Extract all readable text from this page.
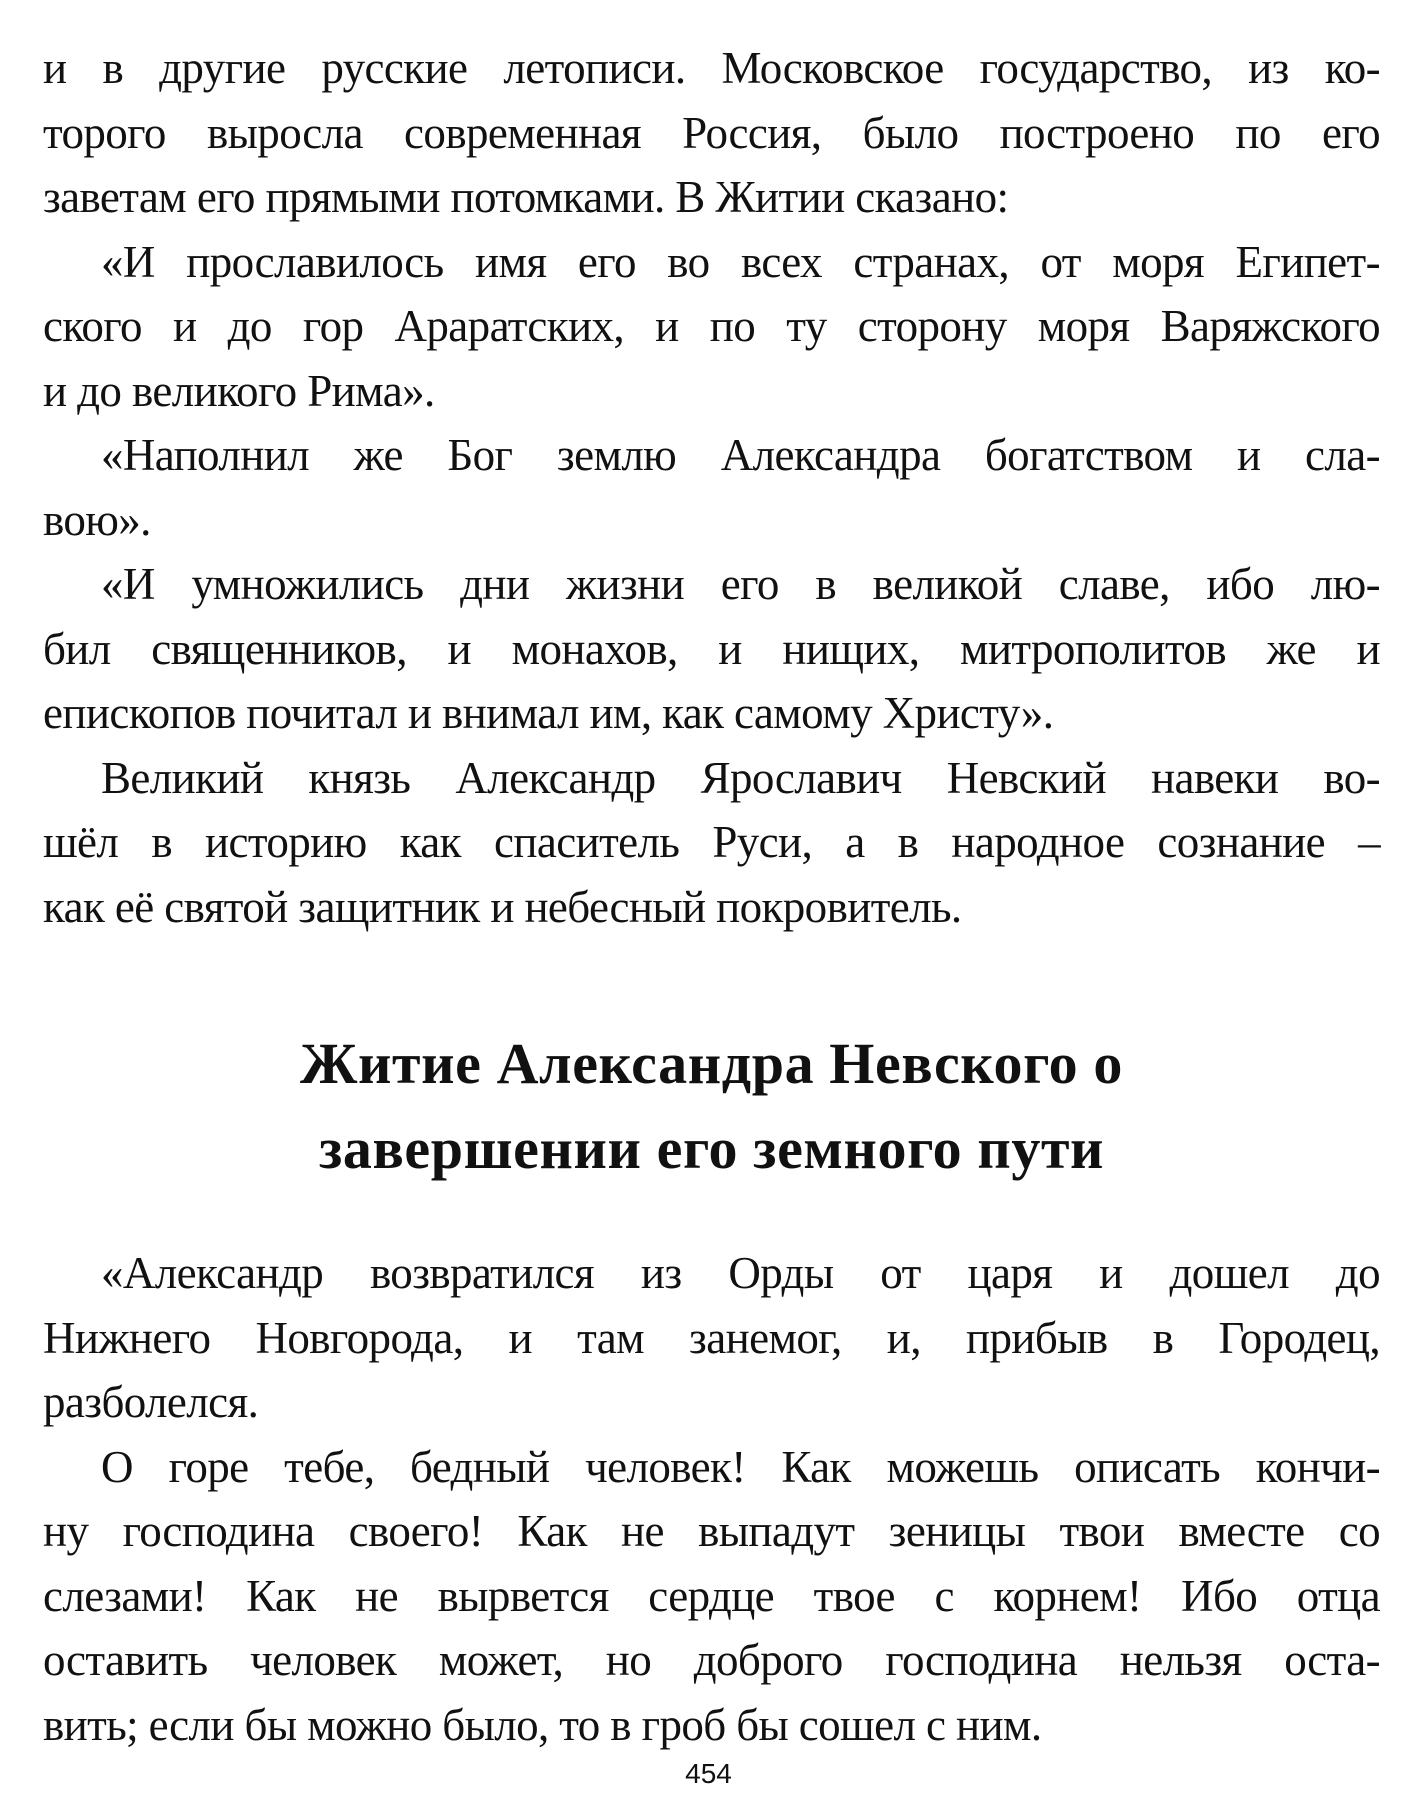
и в другие русские летописи. Московское государство, из ко-
торого выросла современная Россия, было построено по его
заветам его прямыми потомками. В Житии сказано:
«И прославилось имя его во всех странах, от моря Египет-
ского и до гор Араратских, и по ту сторону моря Варяжского
и до великого Рима».
«Наполнил же Бог землю Александра богатством и сла-
вою».
«И умножились дни жизни его в великой славе, ибо лю-
бил священников, и монахов, и нищих, митрополитов же и
епископов почитал и внимал им, как самому Христу».
Великий князь Александр Ярославич Невский навеки во-
шёл в историю как спаситель Руси, а в народное сознание –
как её святой защитник и небесный покровитель.
Житие Александра Невского о
завершении его земного пути
«Александр возвратился из Орды от царя и дошел до
Нижнего Новгорода, и там занемог, и, прибыв в Городец,
разболелся.
О горе тебе, бедный человек! Как можешь описать кончи-
ну господина своего! Как не выпадут зеницы твои вместе со
слезами! Как не вырвется сердце твое с корнем! Ибо отца
оставить человек может, но доброго господина нельзя оста-
вить; если бы можно было, то в гроб бы сошел с ним.
454
